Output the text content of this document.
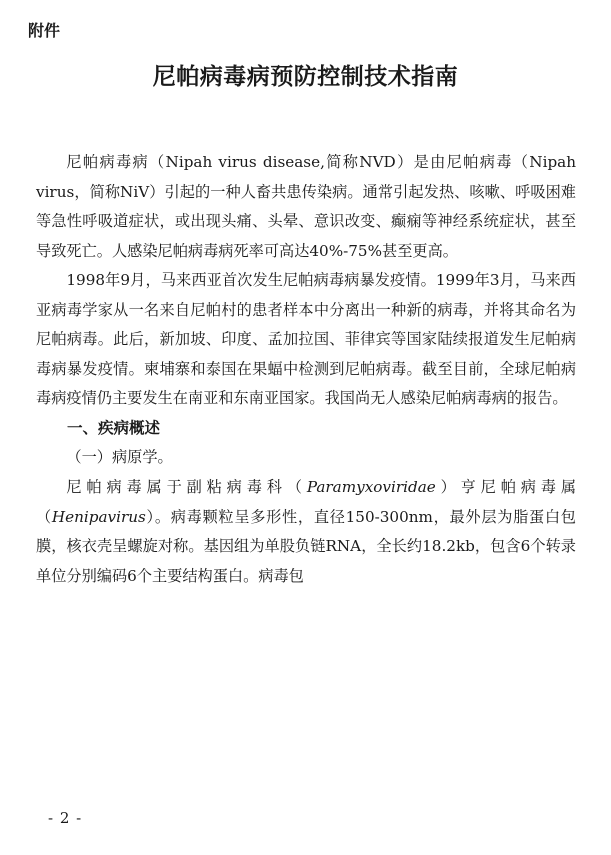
附件
尼帕病毒病预防控制技术指南

尼帕病毒病（Nipah virus disease,简称NVD）是由尼帕病毒（Nipah virus，简称NiV）引起的一种人畜共患传染病。通常引起发热、咳嗽、呼吸困难等急性呼吸道症状，或出现头痛、头晕、意识改变、癫痫等神经系统症状，甚至导致死亡。人感染尼帕病毒病死率可高达40%-75%甚至更高。

1998年9月，马来西亚首次发生尼帕病毒病暴发疫情。1999年3月，马来西亚病毒学家从一名来自尼帕村的患者样本中分离出一种新的病毒，并将其命名为尼帕病毒。此后，新加坡、印度、孟加拉国、菲律宾等国家陆续报道发生尼帕病毒病暴发疫情。柬埔寨和泰国在果蝠中检测到尼帕病毒。截至目前，全球尼帕病毒病疫情仍主要发生在南亚和东南亚国家。我国尚无人感染尼帕病毒病的报告。

一、疾病概述

（一）病原学。

尼帕病毒属于副粘病毒科（Paramyxoviridae）亨尼帕病毒属（Henipavirus）。病毒颗粒呈多形性，直径150-300nm，最外层为脂蛋白包膜，核衣壳呈螺旋对称。基因组为单股负链RNA，全长约18.2kb，包含6个转录单位分别编码6个主要结构蛋白。病毒包

- 2 -
